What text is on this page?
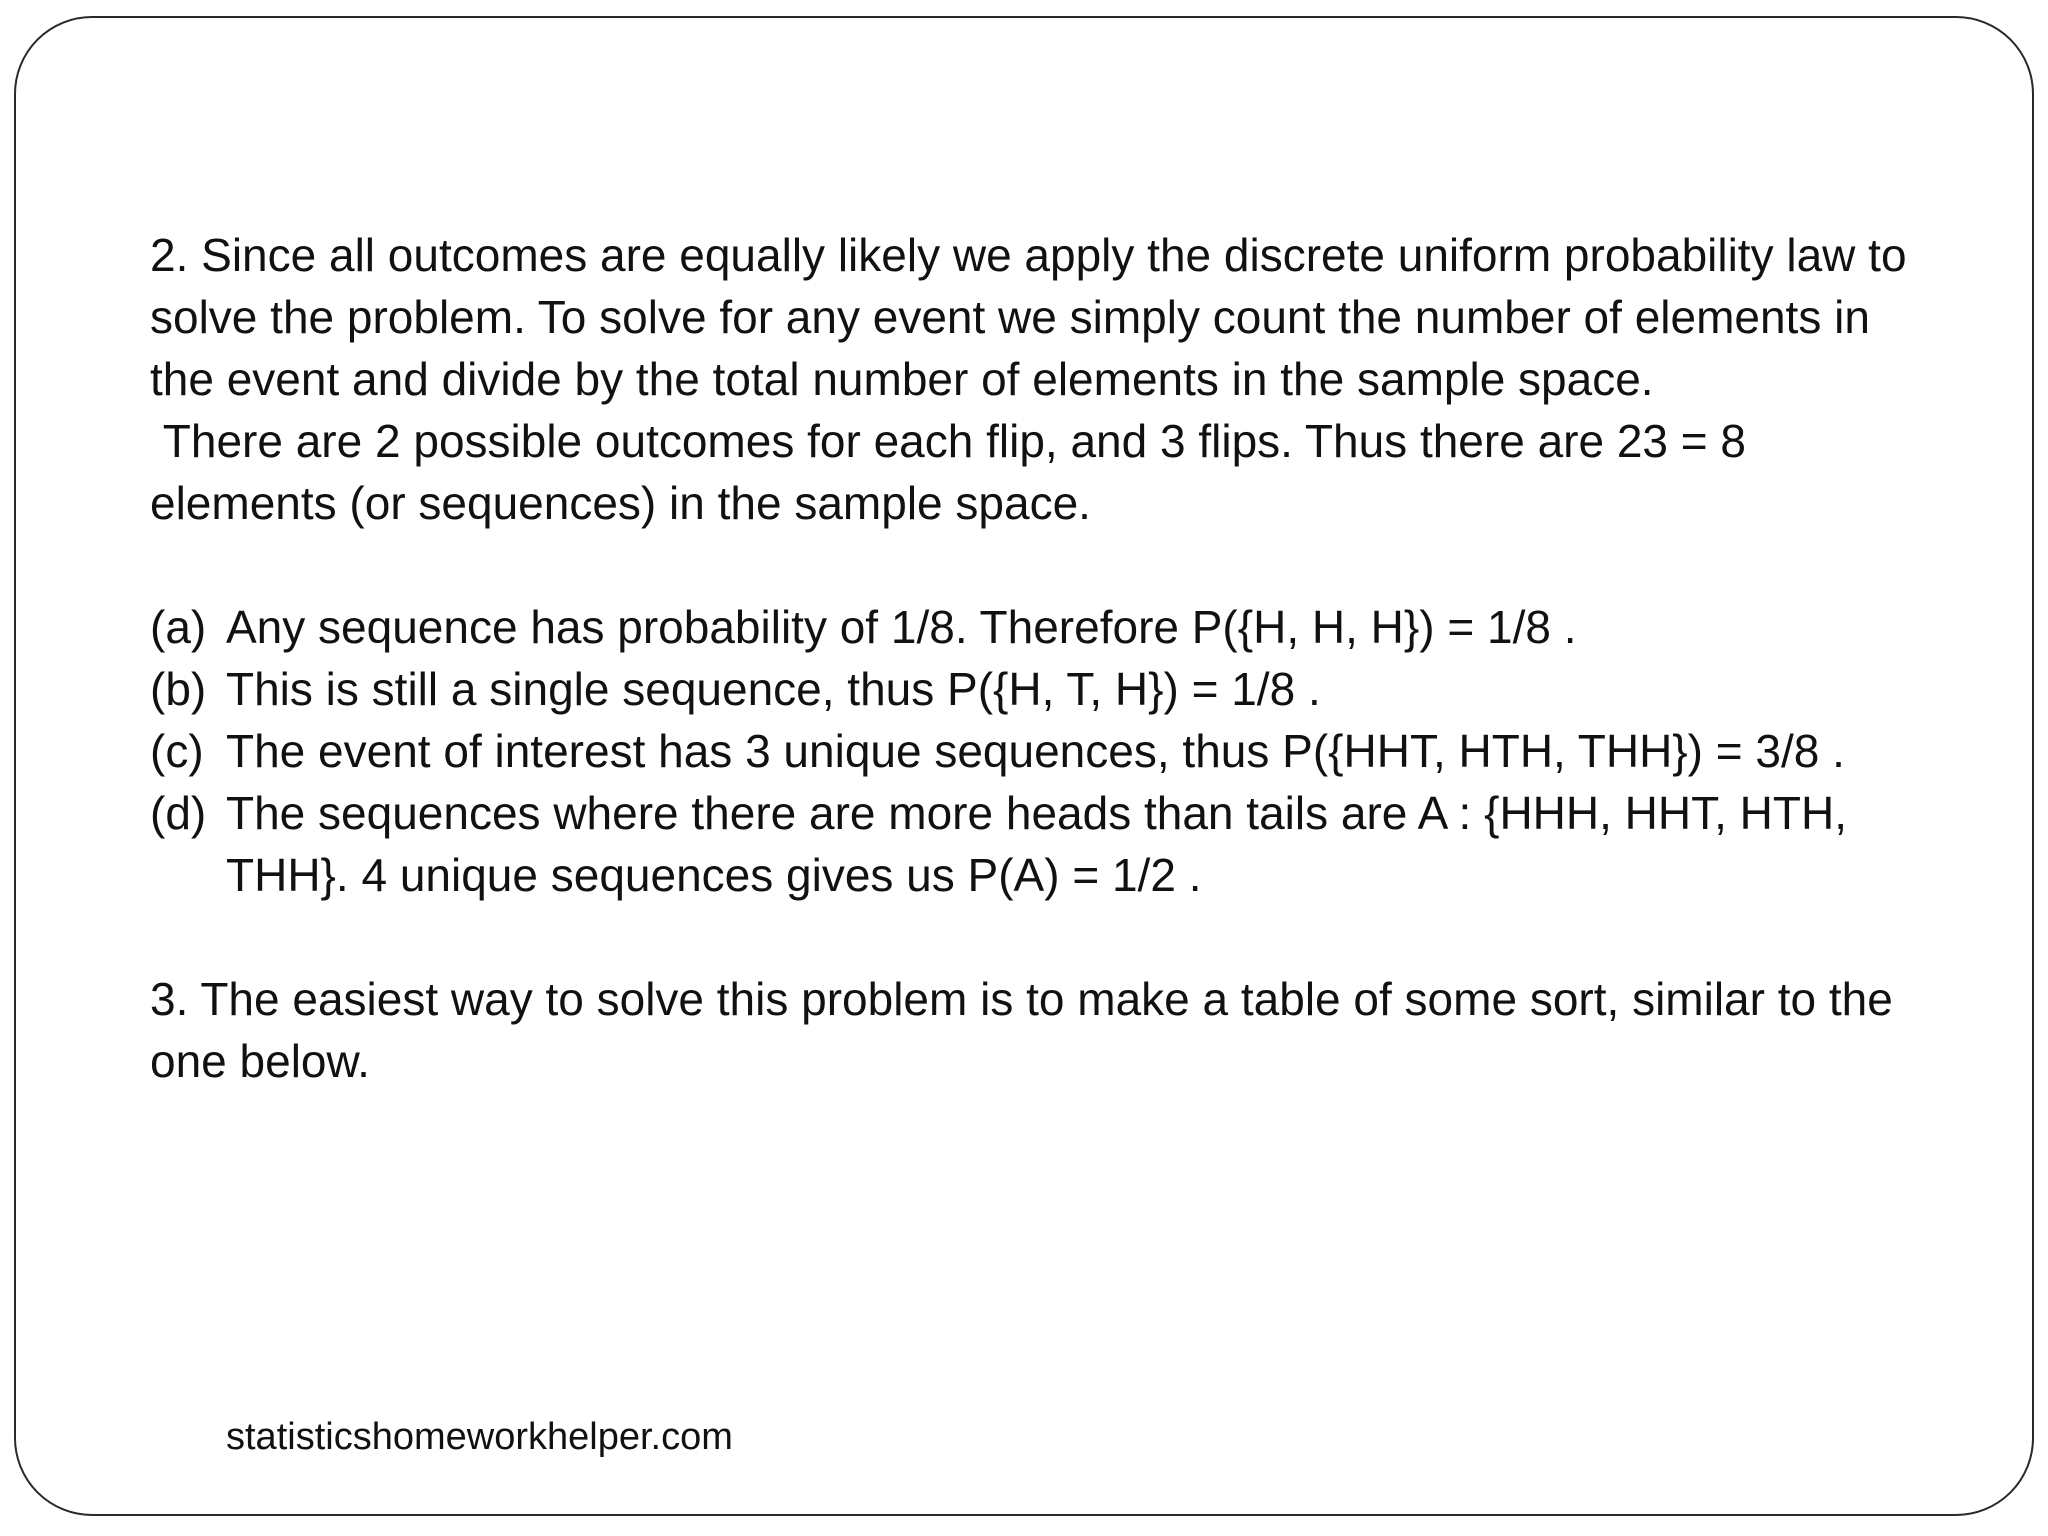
2. Since all outcomes are equally likely we apply the discrete uniform probability law to solve the problem. To solve for any event we simply count the number of elements in the event and divide by the total number of elements in the sample space.

There are 2 possible outcomes for each flip, and 3 flips. Thus there are 23 = 8 elements (or sequences) in the sample space.

(a) Any sequence has probability of 1/8. Therefore P({H, H, H}) = 1/8 .
(b) This is still a single sequence, thus P({H, T, H}) = 1/8 .
(c) The event of interest has 3 unique sequences, thus P({HHT, HTH, THH}) = 3/8 .
(d) The sequences where there are more heads than tails are A : {HHH, HHT, HTH, THH}. 4 unique sequences gives us P(A) = 1/2 .

3. The easiest way to solve this problem is to make a table of some sort, similar to the one below.

statisticshomeworkhelper.com
